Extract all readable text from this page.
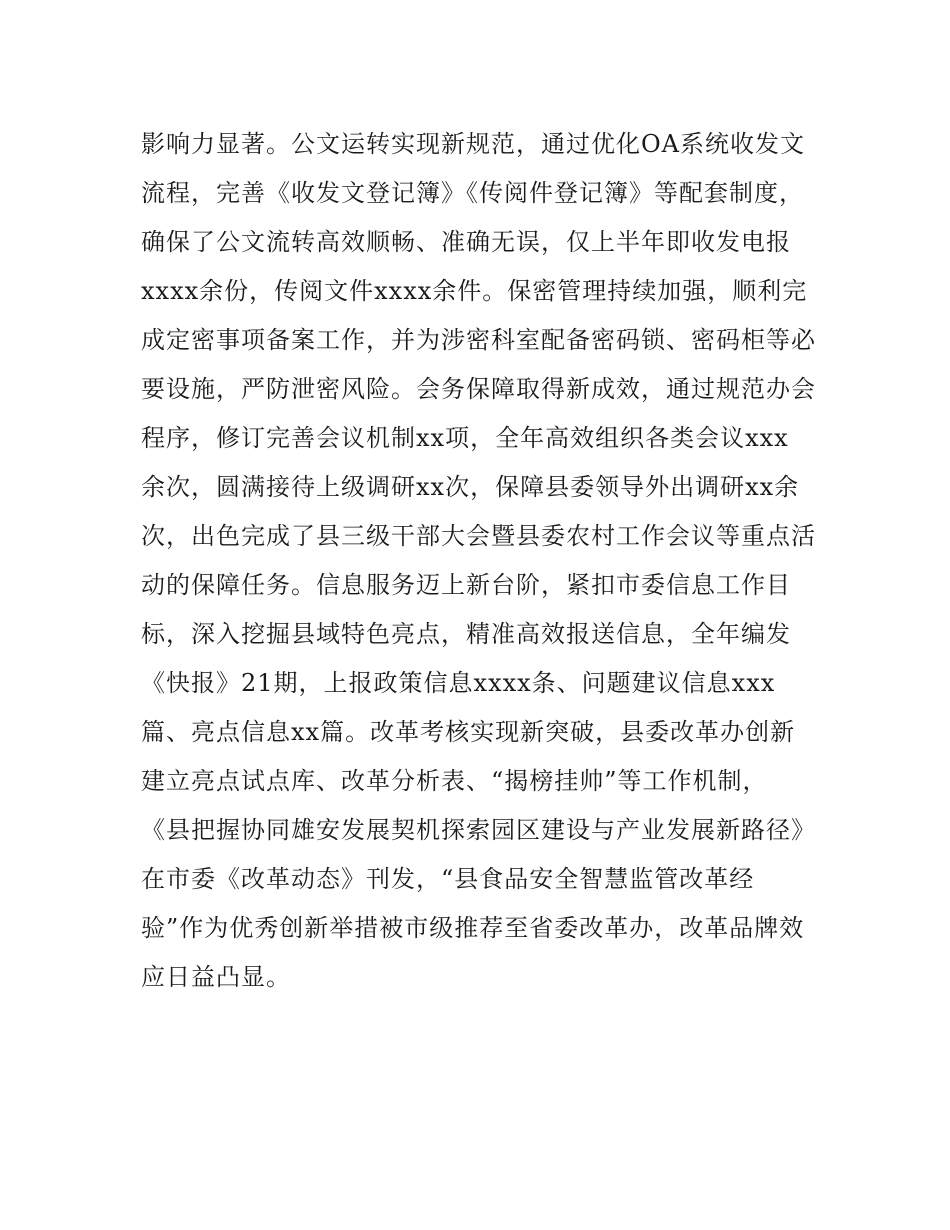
影响力显著。公文运转实现新规范，通过优化OA系统收发文
流程，完善《收发文登记簿》《传阅件登记簿》等配套制度，
确保了公文流转高效顺畅、准确无误，仅上半年即收发电报
xxxx余份，传阅文件xxxx余件。保密管理持续加强，顺利完
成定密事项备案工作，并为涉密科室配备密码锁、密码柜等必
要设施，严防泄密风险。会务保障取得新成效，通过规范办会
程序，修订完善会议机制xx项，全年高效组织各类会议xxx
余次，圆满接待上级调研xx次，保障县委领导外出调研xx余
次，出色完成了县三级干部大会暨县委农村工作会议等重点活
动的保障任务。信息服务迈上新台阶，紧扣市委信息工作目
标，深入挖掘县域特色亮点，精准高效报送信息，全年编发
《快报》21期，上报政策信息xxxx条、问题建议信息xxx
篇、亮点信息xx篇。改革考核实现新突破，县委改革办创新
建立亮点试点库、改革分析表、“揭榜挂帅”等工作机制，
《县把握协同雄安发展契机探索园区建设与产业发展新路径》
在市委《改革动态》刊发，“县食品安全智慧监管改革经
验”作为优秀创新举措被市级推荐至省委改革办，改革品牌效
应日益凸显。
